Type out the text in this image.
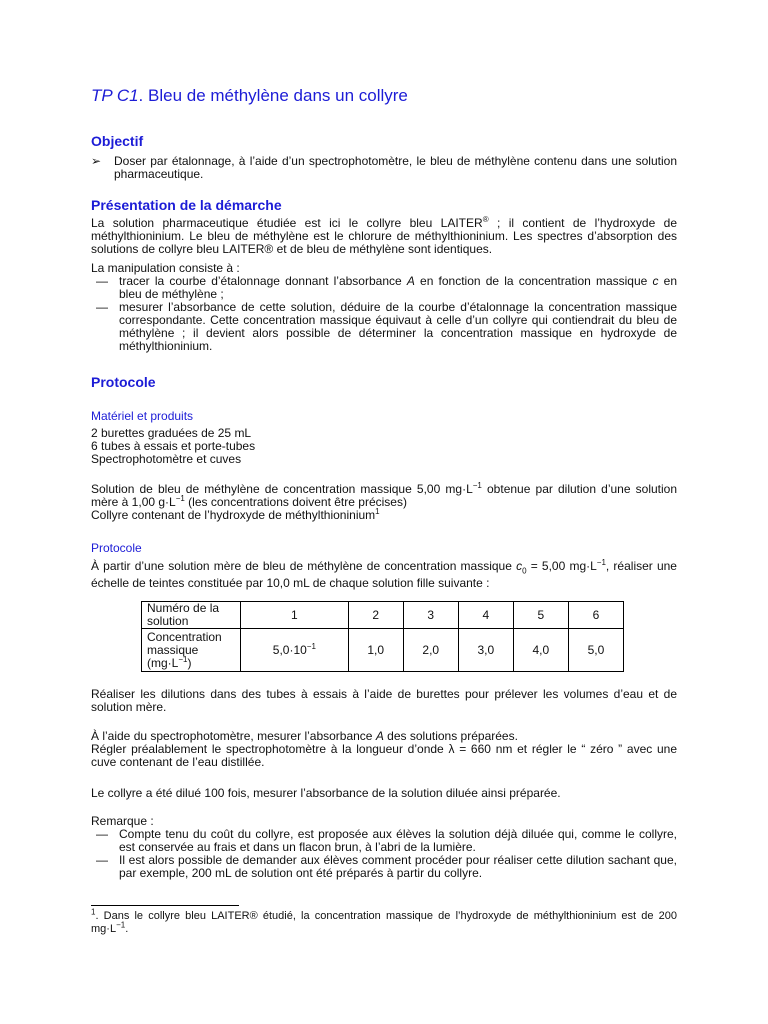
TP C1. Bleu de méthylène dans un collyre
Objectif
➢ Doser par étalonnage, à l’aide d’un spectrophotomètre, le bleu de méthylène contenu dans une solution pharmaceutique.
Présentation de la démarche
La solution pharmaceutique étudiée est ici le collyre bleu LAITER® ; il contient de l’hydroxyde de méthylthioninium. Le bleu de méthylène est le chlorure de méthylthioninium. Les spectres d’absorption des solutions de collyre bleu LAITER® et de bleu de méthylène sont identiques.
La manipulation consiste à :
— tracer la courbe d’étalonnage donnant l’absorbance A en fonction de la concentration massique c en bleu de méthylène ;
— mesurer l’absorbance de cette solution, déduire de la courbe d’étalonnage la concentration massique correspondante. Cette concentration massique équivaut à celle d’un collyre qui contiendrait du bleu de méthylène ; il devient alors possible de déterminer la concentration massique en hydroxyde de méthylthioninium.
Protocole
Matériel et produits
2 burettes graduées de 25 mL
6 tubes à essais et porte-tubes
Spectrophotomètre et cuves
Solution de bleu de méthylène de concentration massique 5,00 $mg\cdot L^{-1}$ obtenue par dilution d’une solution mère à 1,00 $g\cdot L^{-1}$ (les concentrations doivent être précises)
Collyre contenant de l’hydroxyde de méthylthioninium$^1$
Protocole
À partir d’une solution mère de bleu de méthylène de concentration massique $c_0 = 5,00$ $mg\cdot L^{-1}$, réaliser une échelle de teintes constituée par 10,0 mL de chaque solution fille suivante :
Numéro de la solution	1	2	3	4	5	6
Concentration massique
$(mg\cdot L^{-1})$	$5,0\cdot 10^{-1}$	1,0	2,0	3,0	4,0	5,0
Réaliser les dilutions dans des tubes à essais à l’aide de burettes pour prélever les volumes d’eau et de solution mère.
À l’aide du spectrophotomètre, mesurer l’absorbance A des solutions préparées.
Régler préalablement le spectrophotomètre à la longueur d’onde λ = 660 nm et régler le “ zéro ” avec une cuve contenant de l’eau distillée.
Le collyre a été dilué 100 fois, mesurer l’absorbance de la solution diluée ainsi préparée.
Remarque :
— Compte tenu du coût du collyre, est proposée aux élèves la solution déjà diluée qui, comme le collyre, est conservée au frais et dans un flacon brun, à l’abri de la lumière.
— Il est alors possible de demander aux élèves comment procéder pour réaliser cette dilution sachant que, par exemple, 200 mL de solution ont été préparés à partir du collyre.
$^1$. Dans le collyre bleu LAITER® étudié, la concentration massique de l’hydroxyde de méthylthioninium est de 200 $mg\cdot L^{-1}$.
